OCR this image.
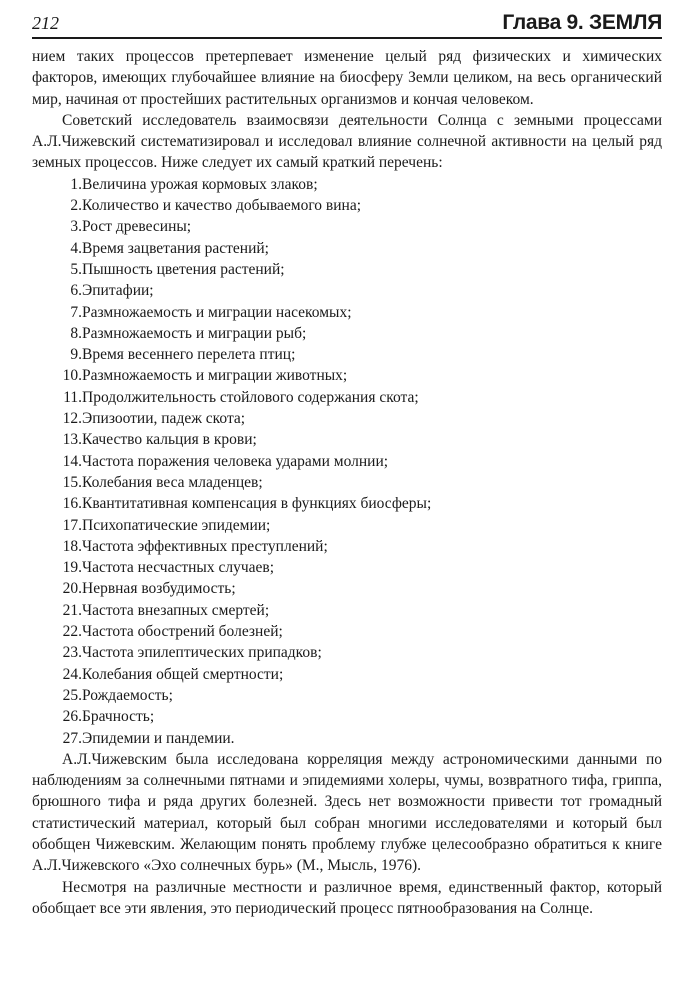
212	Глава 9. ЗЕМЛЯ

нием таких процессов претерпевает изменение целый ряд физических и химических факторов, имеющих глубочайшее влияние на биосферу Земли целиком, на весь органический мир, начиная от простейших растительных организмов и кончая человеком.

Советский исследователь взаимосвязи деятельности Солнца с земными процессами А.Л.Чижевский систематизировал и исследовал влияние солнечной активности на целый ряд земных процессов. Ниже следует их самый краткий перечень:

1.Величина урожая кормовых злаков;
2.Количество и качество добываемого вина;
3.Рост древесины;
4.Время зацветания растений;
5.Пышность цветения растений;
6.Эпитафии;
7.Размножаемость и миграции насекомых;
8.Размножаемость и миграции рыб;
9.Время весеннего перелета птиц;
10.Размножаемость и миграции животных;
11.Продолжительность стойлового содержания скота;
12.Эпизоотии, падеж скота;
13.Качество кальция в крови;
14.Частота поражения человека ударами молнии;
15.Колебания веса младенцев;
16.Квантитативная компенсация в функциях биосферы;
17.Психопатические эпидемии;
18.Частота эффективных преступлений;
19.Частота несчастных случаев;
20.Нервная возбудимость;
21.Частота внезапных смертей;
22.Частота обострений болезней;
23.Частота эпилептических припадков;
24.Колебания общей смертности;
25.Рождаемость;
26.Брачность;
27.Эпидемии и пандемии.

А.Л.Чижевским была исследована корреляция между астрономическими данными по наблюдениям за солнечными пятнами и эпидемиями холеры, чумы, возвратного тифа, гриппа, брюшного тифа и ряда других болезней. Здесь нет возможности привести тот громадный статистический материал, который был собран многими исследователями и который был обобщен Чижевским. Желающим понять проблему глубже целесообразно обратиться к книге А.Л.Чижевского «Эхо солнечных бурь» (М., Мысль, 1976).

Несмотря на различные местности и различное время, единственный фактор, который обобщает все эти явления, это периодический процесс пятнообразования на Солнце.
